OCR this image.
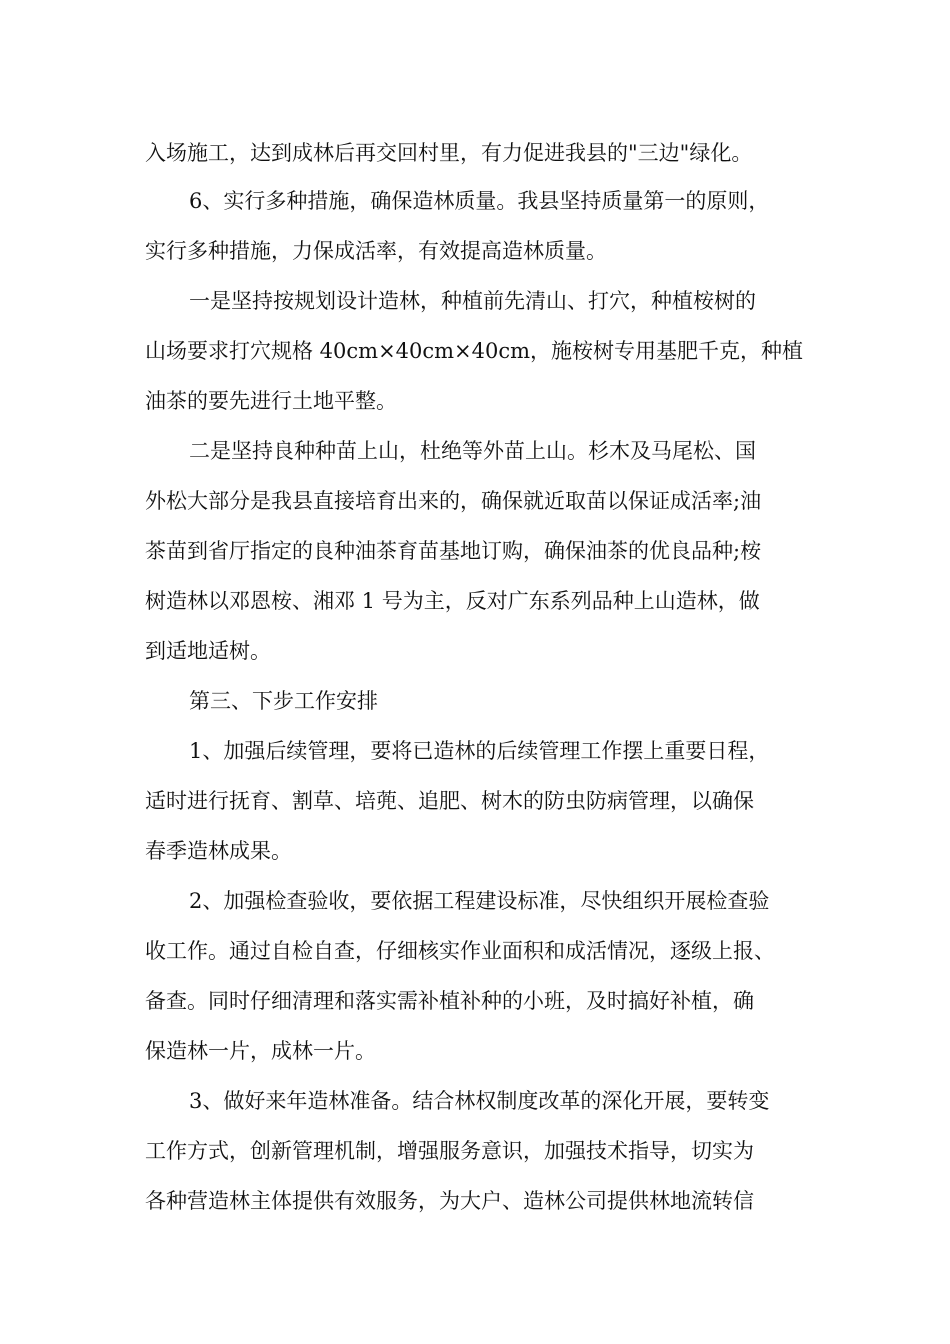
入场施工，达到成林后再交回村里，有力促进我县的"三边"绿化。
6、实行多种措施，确保造林质量。我县坚持质量第一的原则，
实行多种措施，力保成活率，有效提高造林质量。
一是坚持按规划设计造林，种植前先清山、打穴，种植桉树的
山场要求打穴规格 40cm×40cm×40cm，施桉树专用基肥千克，种植
油茶的要先进行土地平整。
二是坚持良种种苗上山，杜绝等外苗上山。杉木及马尾松、国
外松大部分是我县直接培育出来的，确保就近取苗以保证成活率;油
茶苗到省厅指定的良种油茶育苗基地订购，确保油茶的优良品种;桉
树造林以邓恩桉、湘邓 1 号为主，反对广东系列品种上山造林，做
到适地适树。
第三、下步工作安排
1、加强后续管理，要将已造林的后续管理工作摆上重要日程，
适时进行抚育、割草、培蔸、追肥、树木的防虫防病管理，以确保
春季造林成果。
2、加强检查验收，要依据工程建设标准，尽快组织开展检查验
收工作。通过自检自查，仔细核实作业面积和成活情况，逐级上报、
备查。同时仔细清理和落实需补植补种的小班，及时搞好补植，确
保造林一片，成林一片。
3、做好来年造林准备。结合林权制度改革的深化开展，要转变
工作方式，创新管理机制，增强服务意识，加强技术指导，切实为
各种营造林主体提供有效服务，为大户、造林公司提供林地流转信
